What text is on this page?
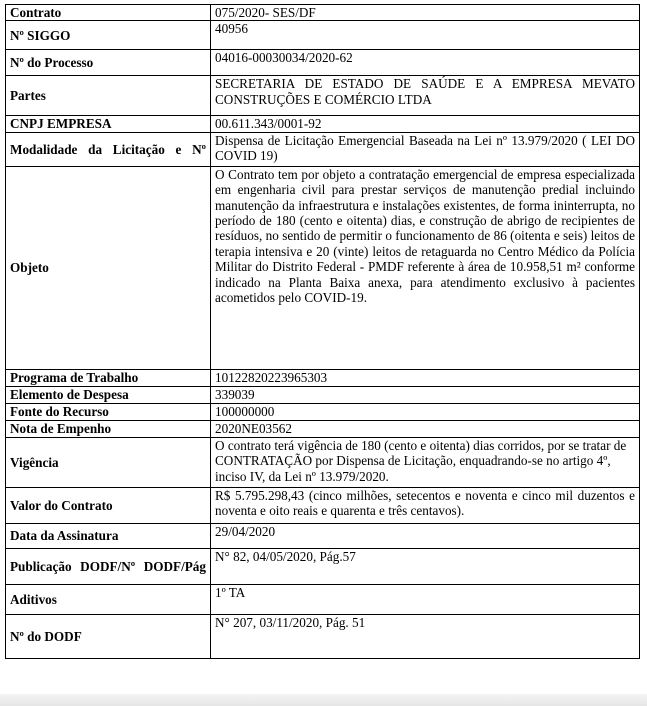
Contrato	075/2020- SES/DF
Nº SIGGO	40956
Nº do Processo	04016-00030034/2020-62
Partes	SECRETARIA DE ESTADO DE SAÚDE E A EMPRESA MEVATO CONSTRUÇÕES E COMÉRCIO LTDA
CNPJ EMPRESA	00.611.343/0001-92
Modalidade da Licitação e Nº	Dispensa de Licitação Emergencial Baseada na Lei nº 13.979/2020 ( LEI DO COVID 19)
Objeto	O Contrato tem por objeto a contratação emergencial de empresa especializada em engenharia civil para prestar serviços de manutenção predial incluindo manutenção da infraestrutura e instalações existentes, de forma ininterrupta, no período de 180 (cento e oitenta) dias, e construção de abrigo de recipientes de resíduos, no sentido de permitir o funcionamento de 86 (oitenta e seis) leitos de terapia intensiva e 20 (vinte) leitos de retaguarda no Centro Médico da Polícia Militar do Distrito Federal - PMDF referente à área de 10.958,51 m² conforme indicado na Planta Baixa anexa, para atendimento exclusivo à pacientes acometidos pelo COVID-19.
Programa de Trabalho	10122820223965303
Elemento de Despesa	339039
Fonte do Recurso	100000000
Nota de Empenho	2020NE03562
Vigência	O contrato terá vigência de 180 (cento e oitenta) dias corridos, por se tratar de CONTRATAÇÃO por Dispensa de Licitação, enquadrando-se no artigo 4º, inciso IV, da Lei nº 13.979/2020.
Valor do Contrato	R$ 5.795.298,43 (cinco milhões, setecentos e noventa e cinco mil duzentos e noventa e oito reais e quarenta e três centavos).
Data da Assinatura	29/04/2020
Publicação DODF/Nº DODF/Pág	N° 82, 04/05/2020, Pág.57
Aditivos	1º TA
Nº do DODF	N° 207, 03/11/2020, Pág. 51
